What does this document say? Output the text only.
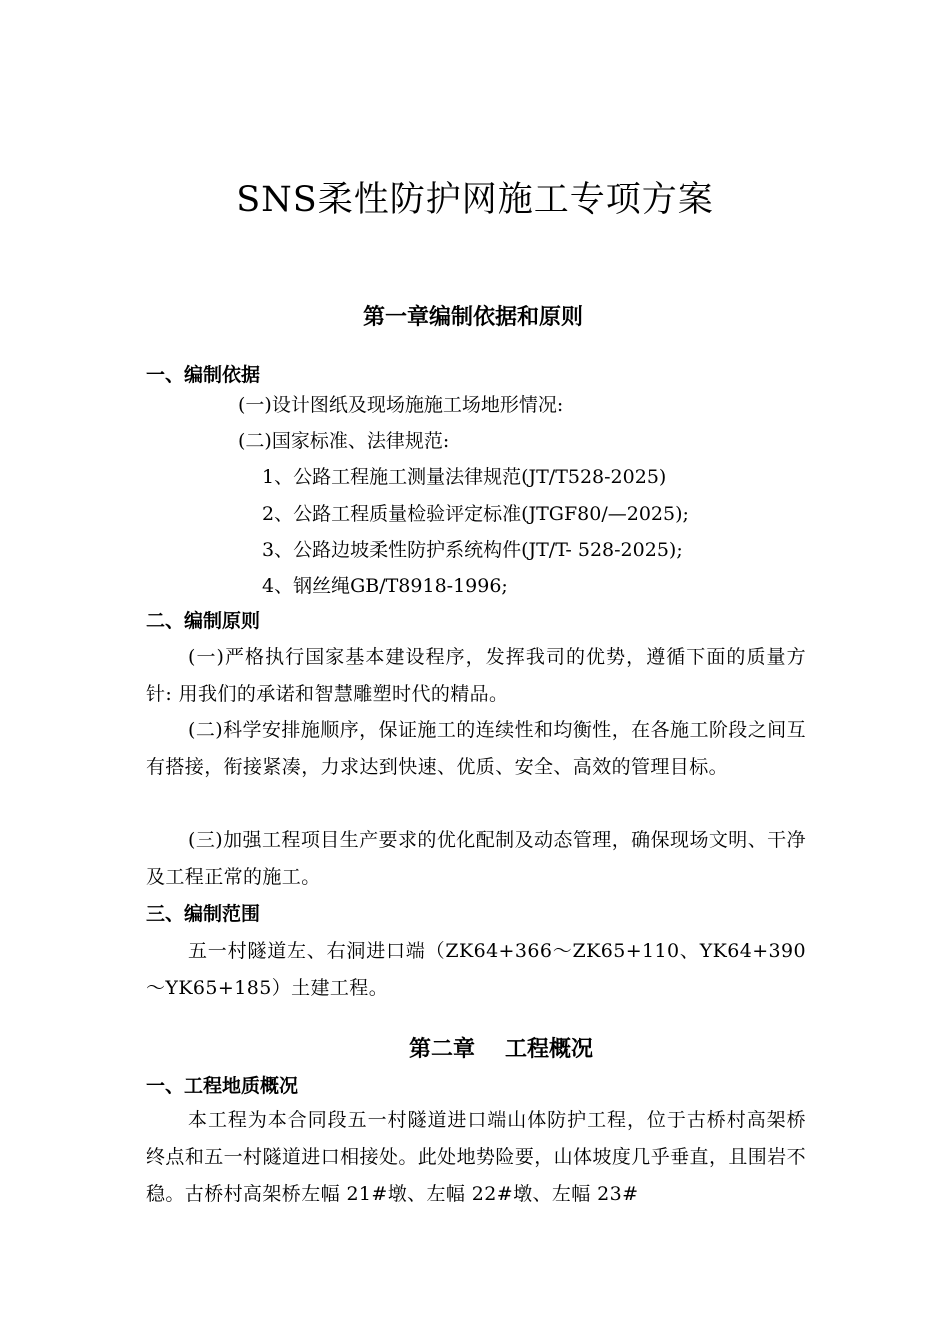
SNS柔性防护网施工专项方案
第一章编制依据和原则
一、编制依据
(一)设计图纸及现场施施工场地形情况:
(二)国家标准、法律规范:
1、公路工程施工测量法律规范(JT/T528-2025)
2、公路工程质量检验评定标准(JTGF80/—2025);
3、公路边坡柔性防护系统构件(JT/T- 528-2025);
4、钢丝绳GB/T8918-1996;
二、编制原则
(一)严格执行国家基本建设程序，发挥我司的优势，遵循下面的质量方针: 用我们的承诺和智慧雕塑时代的精品。
(二)科学安排施顺序，保证施工的连续性和均衡性，在各施工阶段之间互有搭接，衔接紧凑，力求达到快速、优质、安全、高效的管理目标。
(三)加强工程项目生产要求的优化配制及动态管理，确保现场文明、干净及工程正常的施工。
三、编制范围
五一村隧道左、右洞进口端（ZK64+366～ZK65+110、YK64+390～YK65+185）土建工程。
第二章 工程概况
一、工程地质概况
本工程为本合同段五一村隧道进口端山体防护工程，位于古桥村高架桥终点和五一村隧道进口相接处。此处地势险要，山体坡度几乎垂直，且围岩不稳。古桥村高架桥左幅 21#墩、左幅 22#墩、左幅 23#
